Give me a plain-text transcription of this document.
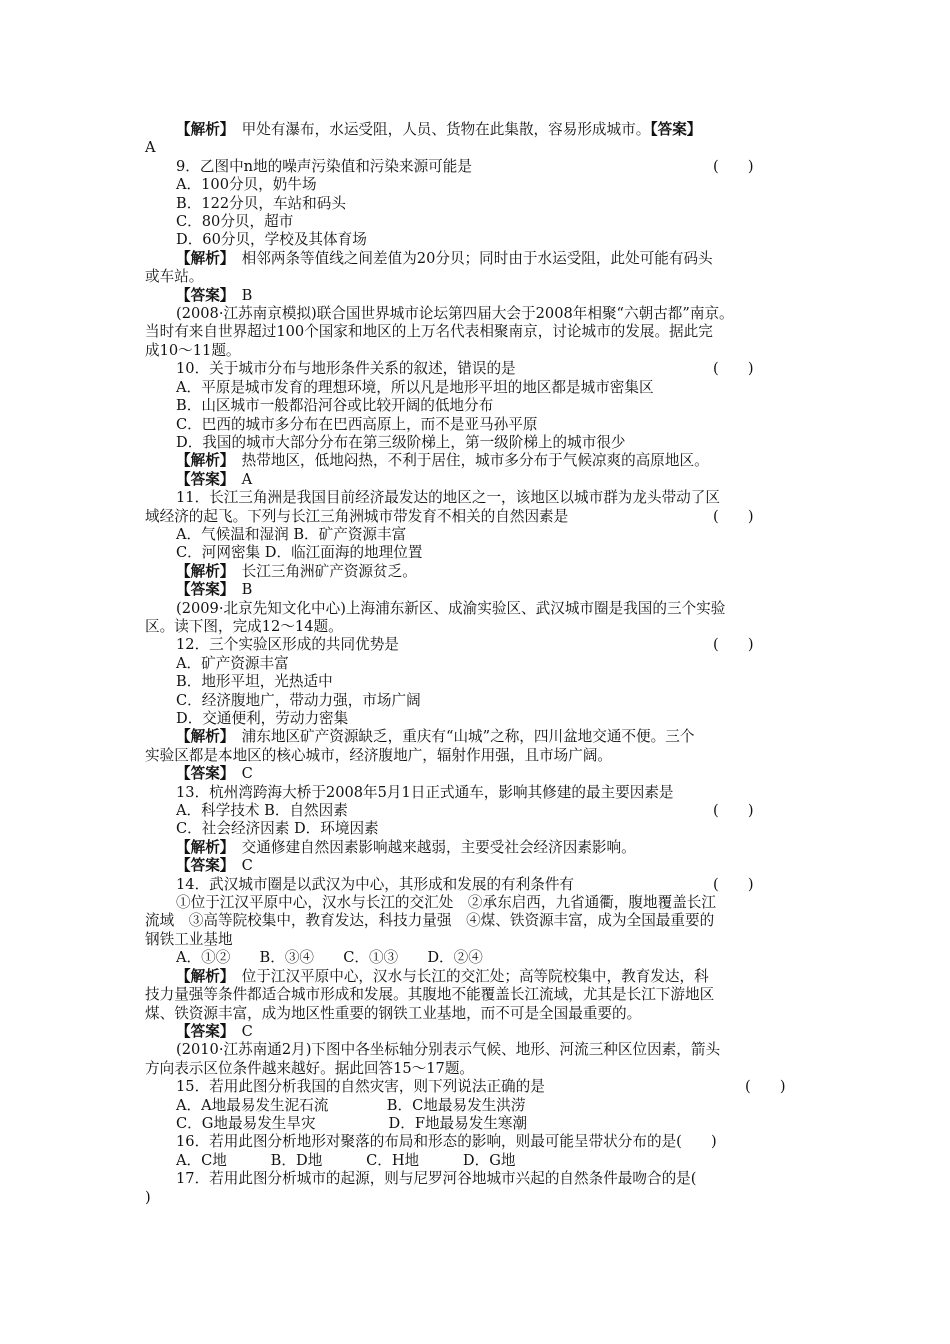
【解析】　甲处有瀑布，水运受阻，人员、货物在此集散，容易形成城市。【答案】
A
9．乙图中n地的噪声污染值和污染来源可能是	(　　)
A．100分贝，奶牛场
B．122分贝，车站和码头
C．80分贝，超市
D．60分贝，学校及其体育场
【解析】　相邻两条等值线之间差值为20分贝；同时由于水运受阻，此处可能有码头
或车站。
【答案】　B
(2008·江苏南京模拟)联合国世界城市论坛第四届大会于2008年相聚“六朝古都”南京。
当时有来自世界超过100个国家和地区的上万名代表相聚南京，讨论城市的发展。据此完
成10～11题。
10．关于城市分布与地形条件关系的叙述，错误的是	(　　)
A．平原是城市发育的理想环境，所以凡是地形平坦的地区都是城市密集区
B．山区城市一般都沿河谷或比较开阔的低地分布
C．巴西的城市多分布在巴西高原上，而不是亚马孙平原
D．我国的城市大部分分布在第三级阶梯上，第一级阶梯上的城市很少
【解析】　热带地区，低地闷热，不利于居住，城市多分布于气候凉爽的高原地区。
【答案】　A
11．长江三角洲是我国目前经济最发达的地区之一，该地区以城市群为龙头带动了区
域经济的起飞。下列与长江三角洲城市带发育不相关的自然因素是	(　　)
A．气候温和湿润 B．矿产资源丰富
C．河网密集 D．临江面海的地理位置
【解析】　长江三角洲矿产资源贫乏。
【答案】　B
(2009·北京先知文化中心)上海浦东新区、成渝实验区、武汉城市圈是我国的三个实验
区。读下图，完成12～14题。
12．三个实验区形成的共同优势是	(　　)
A．矿产资源丰富
B．地形平坦，光热适中
C．经济腹地广，带动力强，市场广阔
D．交通便利，劳动力密集
【解析】　浦东地区矿产资源缺乏，重庆有“山城”之称，四川盆地交通不便。三个
实验区都是本地区的核心城市，经济腹地广，辐射作用强，且市场广阔。
【答案】　C
13．杭州湾跨海大桥于2008年5月1日正式通车，影响其修建的最主要因素是
(　　)
A．科学技术 B．自然因素
C．社会经济因素 D．环境因素
【解析】　交通修建自然因素影响越来越弱，主要受社会经济因素影响。
【答案】　C
14．武汉城市圈是以武汉为中心，其形成和发展的有利条件有	(　　)
①位于江汉平原中心，汉水与长江的交汇处　②承东启西，九省通衢，腹地覆盖长江
流域　③高等院校集中，教育发达，科技力量强　④煤、铁资源丰富，成为全国最重要的
钢铁工业基地
A．①②　　B．③④　　C．①③　　D．②④
【解析】　位于江汉平原中心，汉水与长江的交汇处；高等院校集中，教育发达，科
技力量强等条件都适合城市形成和发展。其腹地不能覆盖长江流域，尤其是长江下游地区
煤、铁资源丰富，成为地区性重要的钢铁工业基地，而不可是全国最重要的。
【答案】　C
(2010·江苏南通2月)下图中各坐标轴分别表示气候、地形、河流三种区位因素，箭头
方向表示区位条件越来越好。据此回答15～17题。
15．若用此图分析我国的自然灾害，则下列说法正确的是	(　　)
A．A地最易发生泥石流　　　　B．C地最易发生洪涝
C．G地最易发生旱灾　　　　　D．F地最易发生寒潮
16．若用此图分析地形对聚落的布局和形态的影响，则最可能呈带状分布的是(　　)
A．C地　　　B．D地　　　C．H地　　　D．G地
17．若用此图分析城市的起源，则与尼罗河谷地城市兴起的自然条件最吻合的是(
)
